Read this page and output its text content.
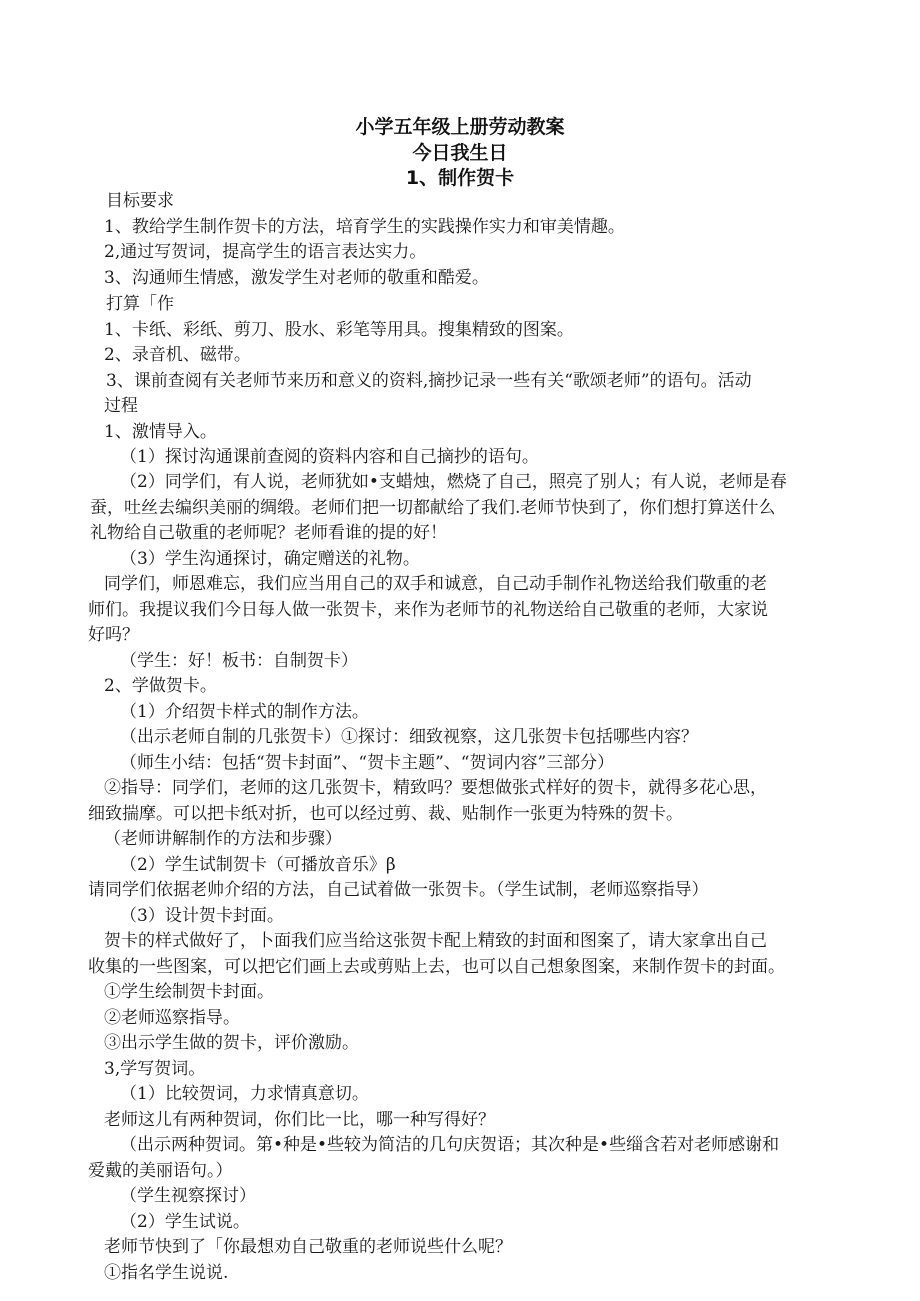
小学五年级上册劳动教案
今日我生日
1、制作贺卡
目标要求
1、教给学生制作贺卡的方法，培育学生的实践操作实力和审美情趣。
2,通过写贺词，提高学生的语言表达实力。
3、沟通师生情感，激发学生对老师的敬重和酷爱。
打算「作
1、卡纸、彩纸、剪刀、股水、彩笔等用具。搜集精致的图案。
2、录音机、磁带。
3、课前查阅有关老师节来历和意义的资料,摘抄记录一些有关“歌颂老师”的语句。活动
过程
1、激情导入。
（1）探讨沟通课前查阅的资料内容和自己摘抄的语句。
（2）同学们，有人说，老师犹如•支蜡烛，燃烧了自己，照亮了别人；有人说，老师是春
蚕，吐丝去编织美丽的绸缎。老师们把一切都献给了我们.老师节快到了，你们想打算送什么
礼物给自己敬重的老师呢？老师看谁的提的好！
（3）学生沟通探讨，确定赠送的礼物。
同学们，师恩难忘，我们应当用自己的双手和诚意，自己动手制作礼物送给我们敬重的老
师们。我提议我们今日每人做一张贺卡，来作为老师节的礼物送给自己敬重的老师，大家说
好吗？
（学生：好！板书：自制贺卡）
2、学做贺卡。
（1）介绍贺卡样式的制作方法。
（出示老师自制的几张贺卡）①探讨：细致视察，这几张贺卡包括哪些内容？
（师生小结：包括“贺卡封面”、“贺卡主题”、“贺词内容”三部分）
②指导：同学们，老师的这几张贺卡，精致吗？要想做张式样好的贺卡，就得多花心思，
细致揣摩。可以把卡纸对折，也可以经过剪、裁、贴制作一张更为特殊的贺卡。
（老师讲解制作的方法和步骤）
（2）学生试制贺卡（可播放音乐》β
请同学们依据老帅介绍的方法，自己试着做一张贺卡。（学生试制，老师巡察指导）
（3）设计贺卡封面。
贺卡的样式做好了，卜面我们应当给这张贺卡配上精致的封面和图案了，请大家拿出自己
收集的一些图案，可以把它们画上去或剪贴上去，也可以自己想象图案，来制作贺卡的封面。
①学生绘制贺卡封面。
②老师巡察指导。
③出示学生做的贺卡，评价激励。
3,学写贺词。
（1）比较贺词，力求情真意切。
老师这儿有两种贺词，你们比一比，哪一种写得好？
（出示两种贺词。第•种是•些较为简洁的几句庆贺语；其次种是•些缁含若对老师感谢和
爱戴的美丽语句。）
（学生视察探讨）
（2）学生试说。
老师节快到了「你最想劝自己敬重的老师说些什么呢？
①指名学生说说.
